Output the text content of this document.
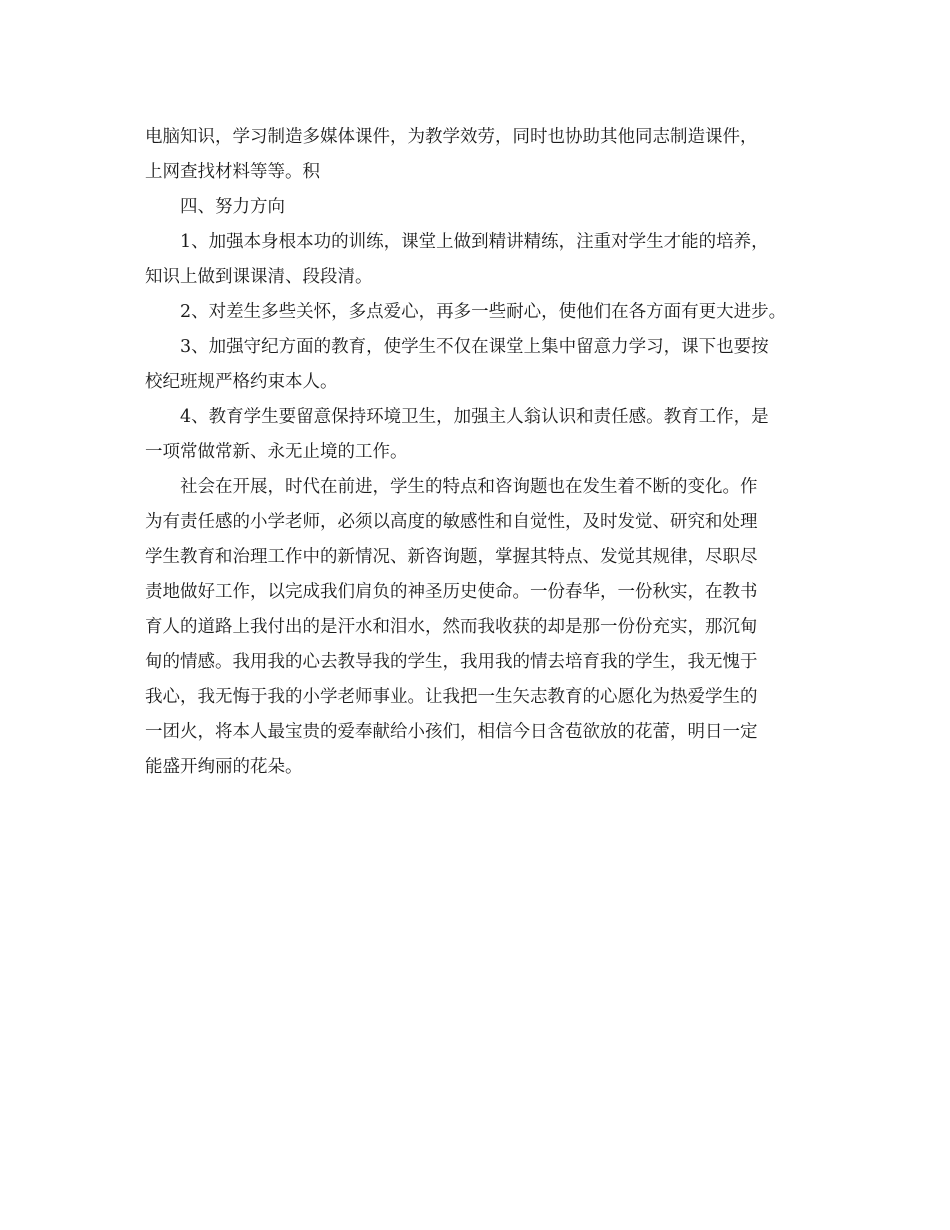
电脑知识，学习制造多媒体课件，为教学效劳，同时也协助其他同志制造课件，
上网查找材料等等。积
四、努力方向
1、加强本身根本功的训练，课堂上做到精讲精练，注重对学生才能的培养，
知识上做到课课清、段段清。
2、对差生多些关怀，多点爱心，再多一些耐心，使他们在各方面有更大进步。
3、加强守纪方面的教育，使学生不仅在课堂上集中留意力学习，课下也要按
校纪班规严格约束本人。
4、教育学生要留意保持环境卫生，加强主人翁认识和责任感。教育工作，是
一项常做常新、永无止境的工作。
社会在开展，时代在前进，学生的特点和咨询题也在发生着不断的变化。作
为有责任感的小学老师，必须以高度的敏感性和自觉性，及时发觉、研究和处理
学生教育和治理工作中的新情况、新咨询题，掌握其特点、发觉其规律，尽职尽
责地做好工作，以完成我们肩负的神圣历史使命。一份春华，一份秋实，在教书
育人的道路上我付出的是汗水和泪水，然而我收获的却是那一份份充实，那沉甸
甸的情感。我用我的心去教导我的学生，我用我的情去培育我的学生，我无愧于
我心，我无悔于我的小学老师事业。让我把一生矢志教育的心愿化为热爱学生的
一团火，将本人最宝贵的爱奉献给小孩们，相信今日含苞欲放的花蕾，明日一定
能盛开绚丽的花朵。
